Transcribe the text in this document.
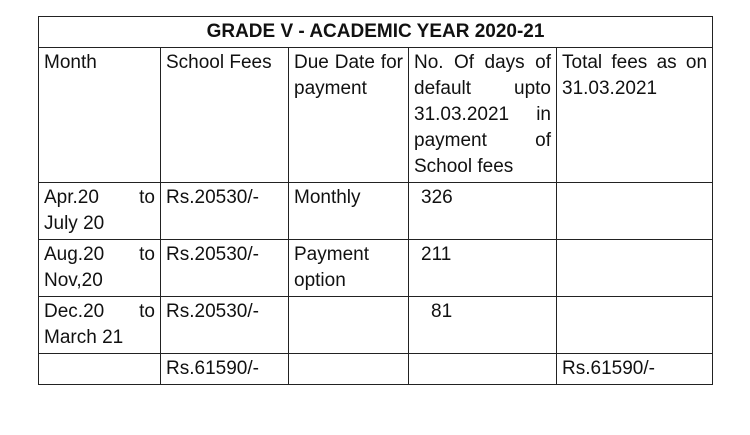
GRADE V - ACADEMIC YEAR 2020-21				
Month	School Fees	Due Date for payment	No. Of days of default upto 31.03.2021 in payment of School fees	Total fees as on 31.03.2021
Apr.20 to July 20	Rs.20530/-	Monthly	326	
Aug.20 to Nov,20	Rs.20530/-	Payment option	211	
Dec.20 to March 21	Rs.20530/-		81	
	Rs.61590/-			Rs.61590/-
